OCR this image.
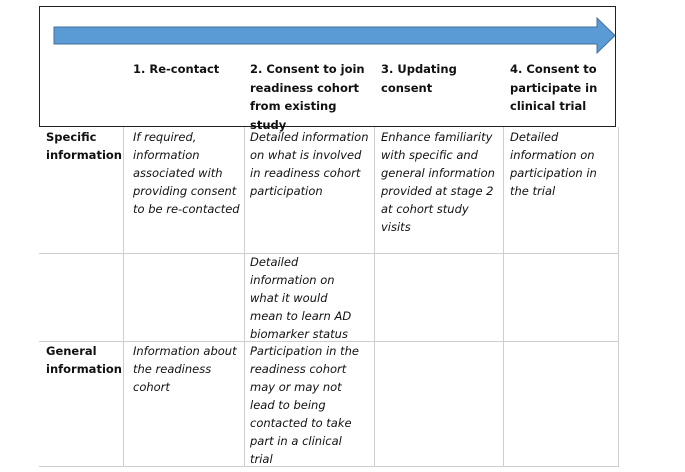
1. Re-contact	2. Consent to join readiness cohort from existing study
3. Updating consent
4. Consent to participate in clinical trial
Specific information
General information
If required, information associated with providing consent to be re-contacted
Detailed information on what is involved in readiness cohort participation
Enhance familiarity with specific and general information provided at stage 2 at cohort study visits
Detailed information on participation in the trial
Detailed information on what it would mean to learn AD biomarker status
Information about the readiness cohort
Participation in the readiness cohort may or may not lead to being contacted to take part in a clinical trial
